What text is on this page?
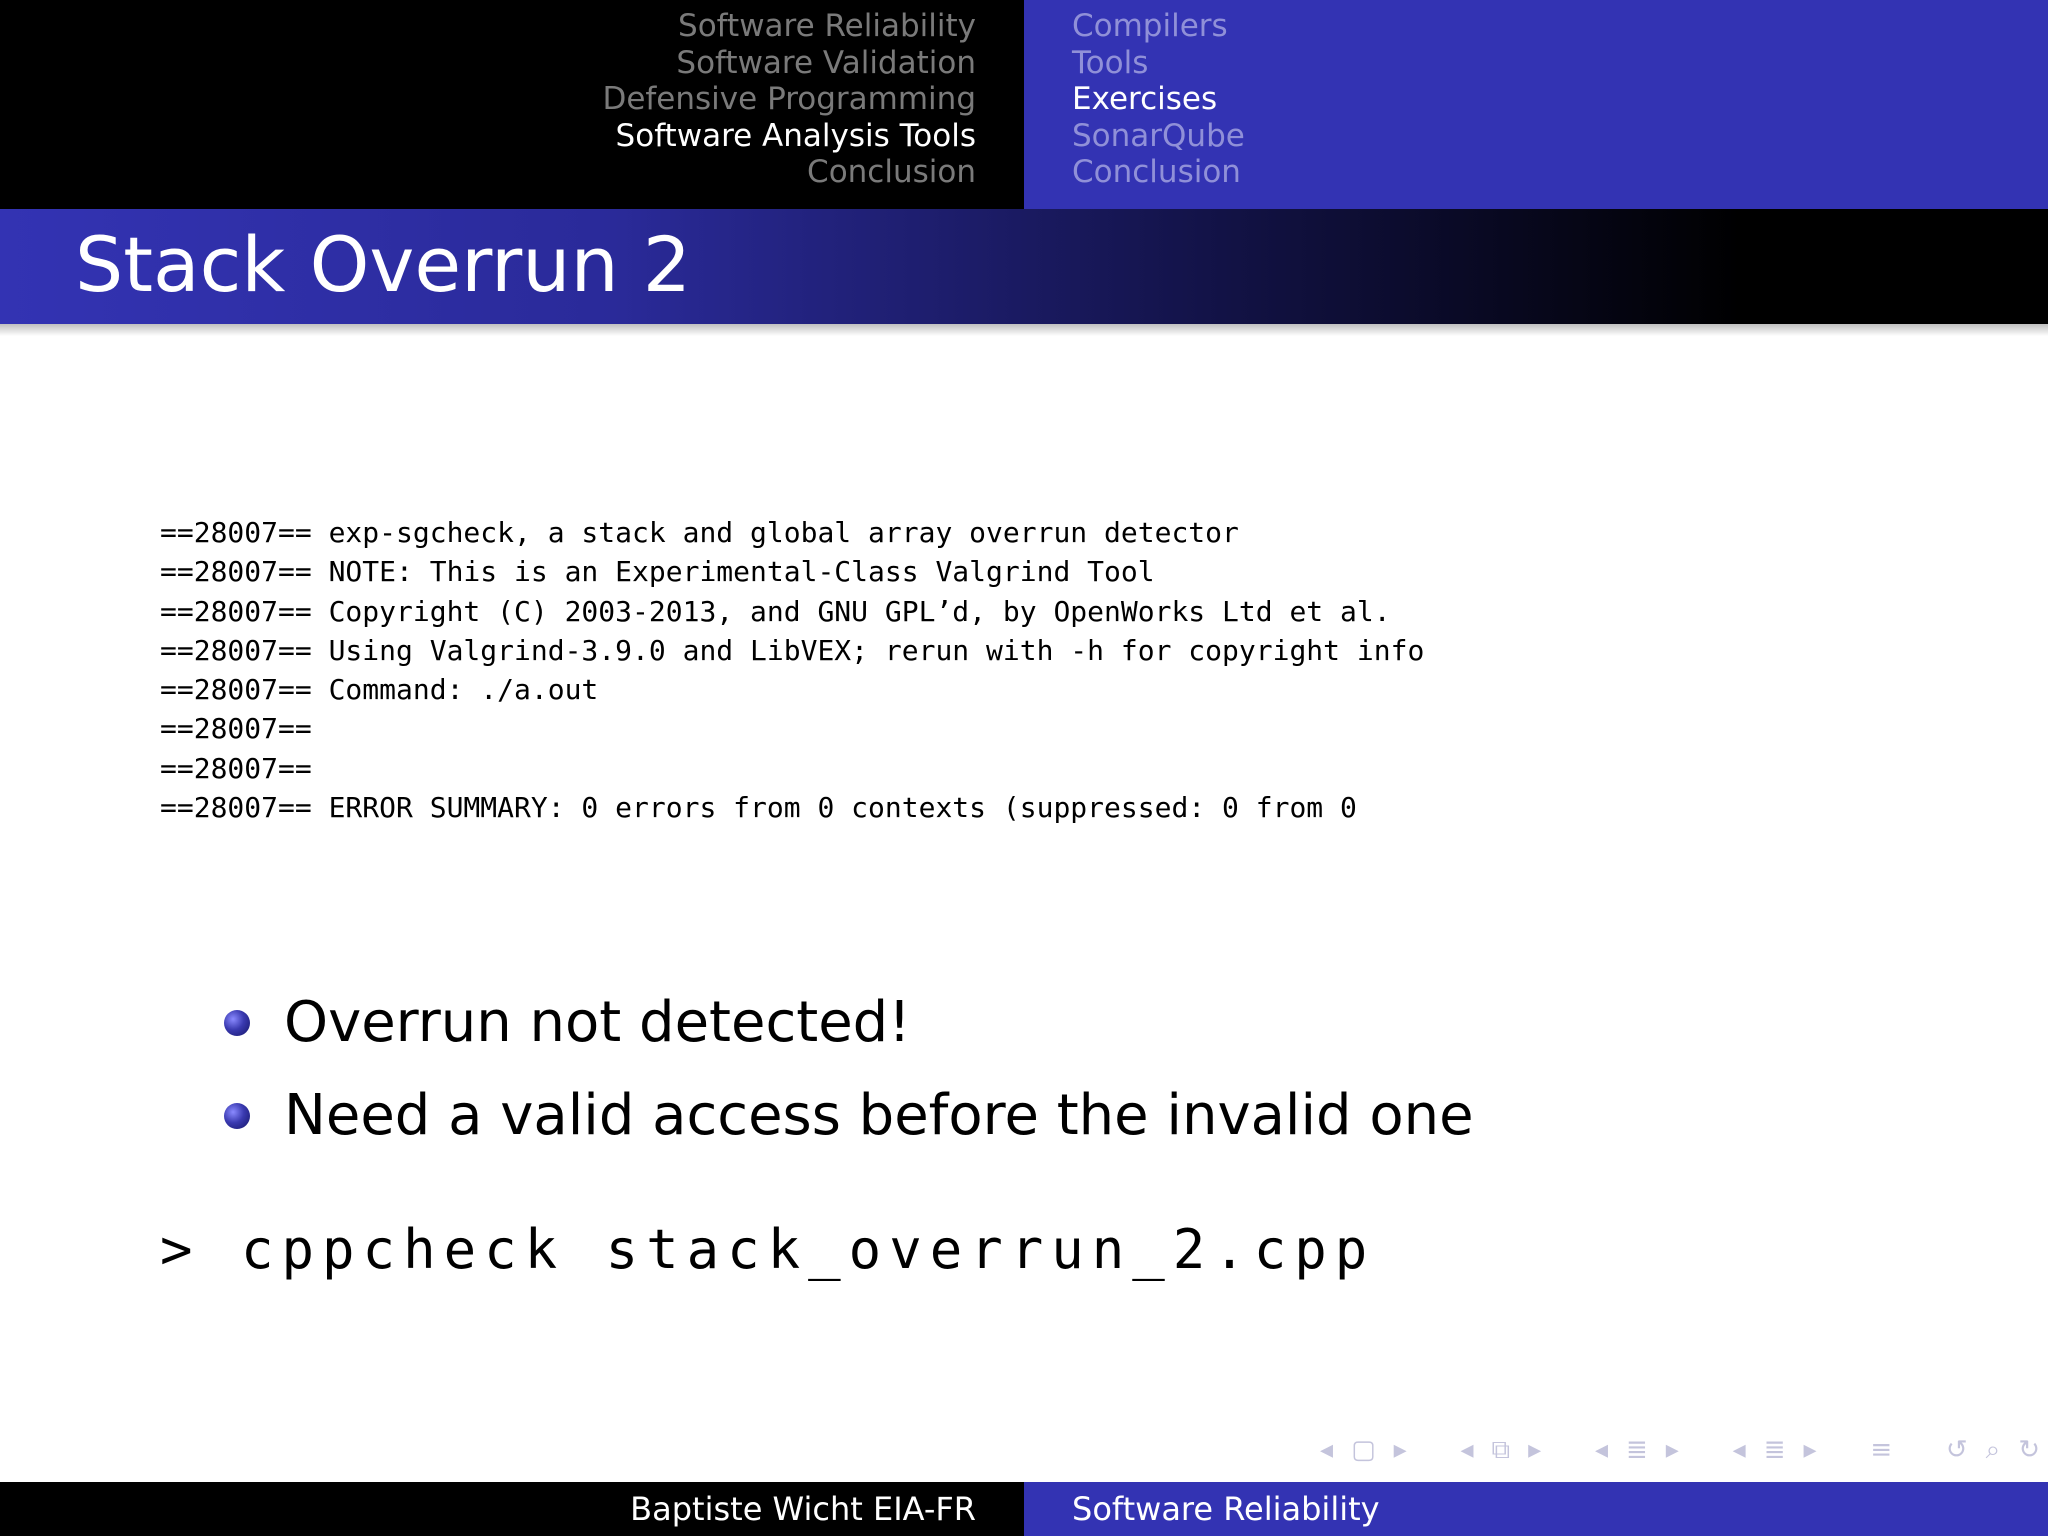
Software Reliability
Software Validation
Defensive Programming
Software Analysis Tools
Conclusion
Compilers
Tools
Exercises
SonarQube
Conclusion
Stack Overrun 2
==28007== exp-sgcheck, a stack and global array overrun detector
==28007== NOTE: This is an Experimental-Class Valgrind Tool
==28007== Copyright (C) 2003-2013, and GNU GPL’d, by OpenWorks Ltd et al.
==28007== Using Valgrind-3.9.0 and LibVEX; rerun with -h for copyright info
==28007== Command: ./a.out
==28007==
==28007==
==28007== ERROR SUMMARY: 0 errors from 0 contexts (suppressed: 0 from 0
Overrun not detected!
Need a valid access before the invalid one
> cppcheck stack_overrun_2.cpp
◂ ▢ ▸ ◂ ⧉ ▸ ◂ ≣ ▸ ◂ ≣ ▸ ≡ ↺ ⌕ ↻
Baptiste Wicht EIA-FR	Software Reliability
